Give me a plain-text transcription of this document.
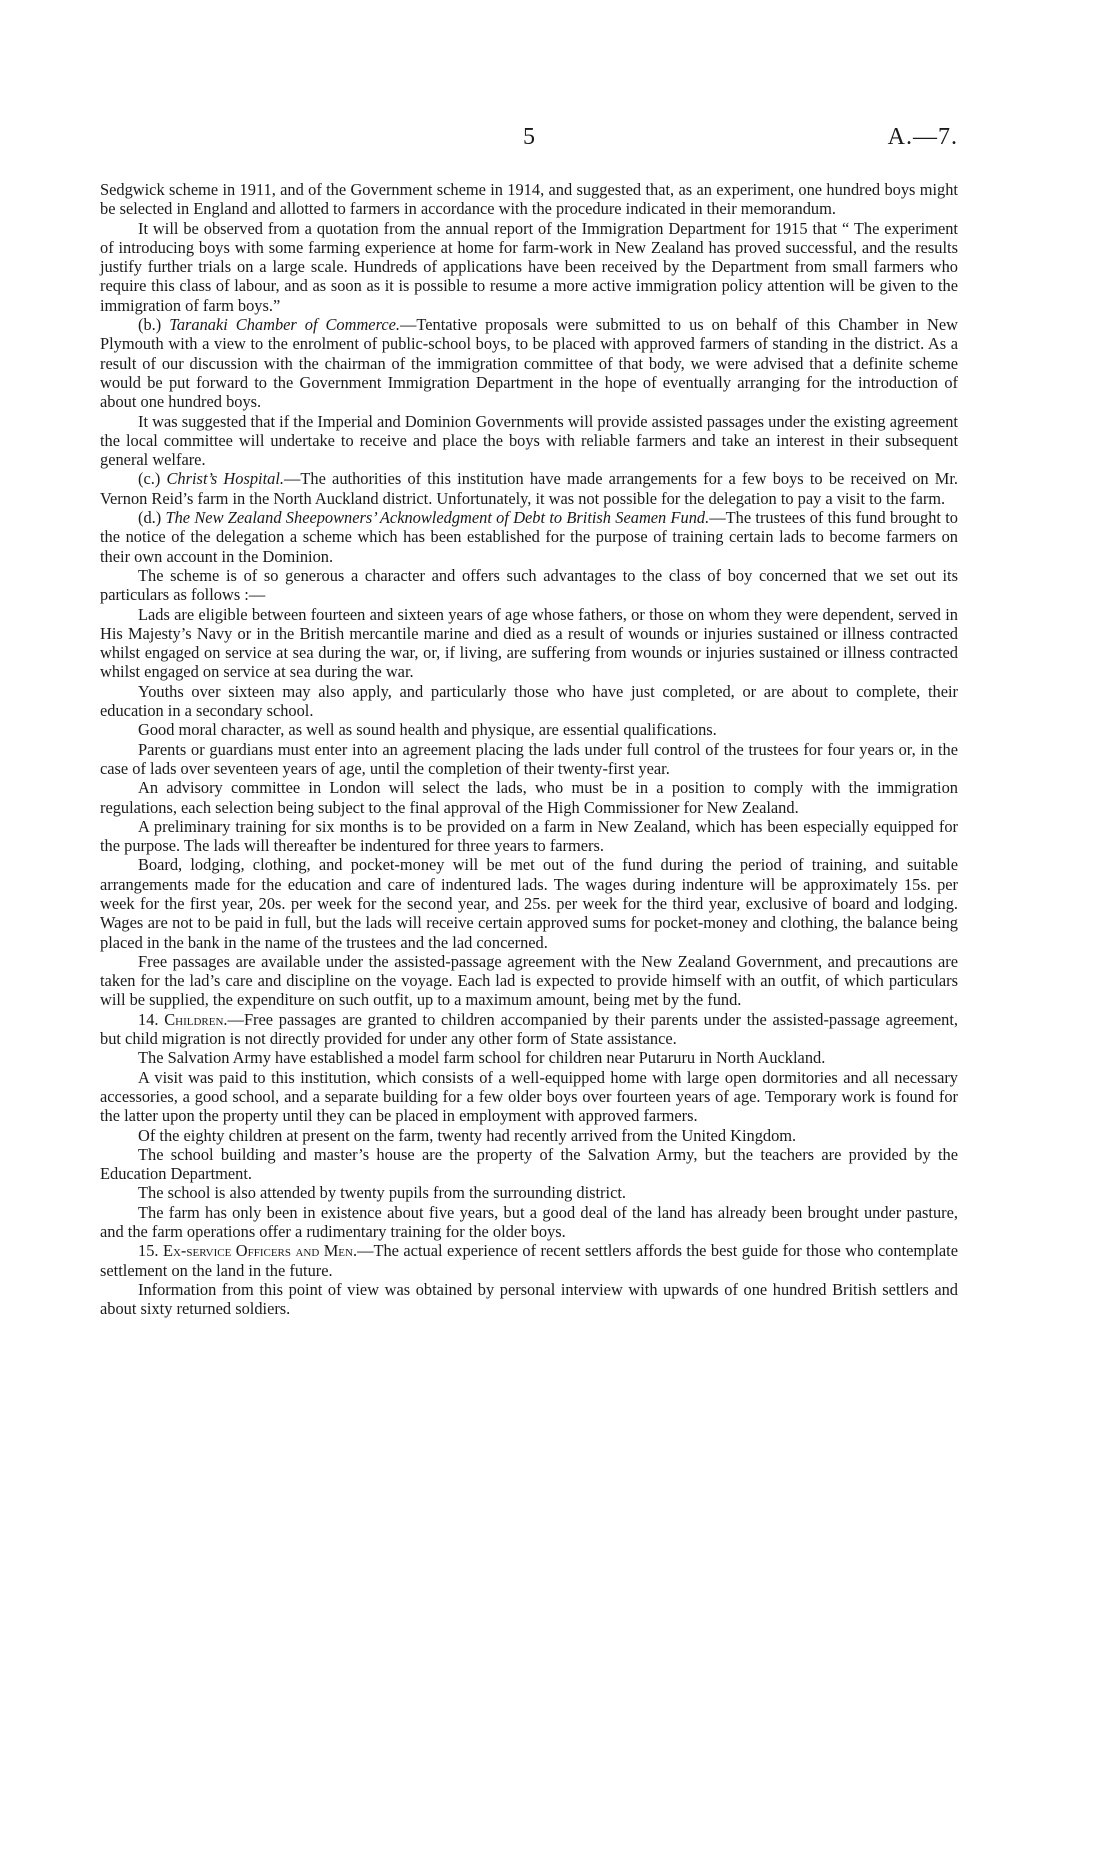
5	A.—7.

Sedgwick scheme in 1911, and of the Government scheme in 1914, and suggested that, as an experiment, one hundred boys might be selected in England and allotted to farmers in accordance with the procedure indicated in their memorandum.

It will be observed from a quotation from the annual report of the Immigration Department for 1915 that “ The experiment of introducing boys with some farming experience at home for farm-work in New Zealand has proved successful, and the results justify further trials on a large scale. Hundreds of applications have been received by the Department from small farmers who require this class of labour, and as soon as it is possible to resume a more active immigration policy attention will be given to the immigration of farm boys.”

(b.) Taranaki Chamber of Commerce.—Tentative proposals were submitted to us on behalf of this Chamber in New Plymouth with a view to the enrolment of public-school boys, to be placed with approved farmers of standing in the district. As a result of our discussion with the chairman of the immigration committee of that body, we were advised that a definite scheme would be put forward to the Government Immigration Department in the hope of eventually arranging for the introduction of about one hundred boys.

It was suggested that if the Imperial and Dominion Governments will provide assisted passages under the existing agreement the local committee will undertake to receive and place the boys with reliable farmers and take an interest in their subsequent general welfare.

(c.) Christ’s Hospital.—The authorities of this institution have made arrangements for a few boys to be received on Mr. Vernon Reid’s farm in the North Auckland district. Unfortunately, it was not possible for the delegation to pay a visit to the farm.

(d.) The New Zealand Sheepowners’ Acknowledgment of Debt to British Seamen Fund.—The trustees of this fund brought to the notice of the delegation a scheme which has been established for the purpose of training certain lads to become farmers on their own account in the Dominion.

The scheme is of so generous a character and offers such advantages to the class of boy concerned that we set out its particulars as follows :—

Lads are eligible between fourteen and sixteen years of age whose fathers, or those on whom they were dependent, served in His Majesty’s Navy or in the British mercantile marine and died as a result of wounds or injuries sustained or illness contracted whilst engaged on service at sea during the war, or, if living, are suffering from wounds or injuries sustained or illness contracted whilst engaged on service at sea during the war.

Youths over sixteen may also apply, and particularly those who have just completed, or are about to complete, their education in a secondary school.

Good moral character, as well as sound health and physique, are essential qualifications.

Parents or guardians must enter into an agreement placing the lads under full control of the trustees for four years or, in the case of lads over seventeen years of age, until the completion of their twenty-first year.

An advisory committee in London will select the lads, who must be in a position to comply with the immigration regulations, each selection being subject to the final approval of the High Commissioner for New Zealand.

A preliminary training for six months is to be provided on a farm in New Zealand, which has been especially equipped for the purpose. The lads will thereafter be indentured for three years to farmers.

Board, lodging, clothing, and pocket-money will be met out of the fund during the period of training, and suitable arrangements made for the education and care of indentured lads. The wages during indenture will be approximately 15s. per week for the first year, 20s. per week for the second year, and 25s. per week for the third year, exclusive of board and lodging. Wages are not to be paid in full, but the lads will receive certain approved sums for pocket-money and clothing, the balance being placed in the bank in the name of the trustees and the lad concerned.

Free passages are available under the assisted-passage agreement with the New Zealand Government, and precautions are taken for the lad’s care and discipline on the voyage. Each lad is expected to provide himself with an outfit, of which particulars will be supplied, the expenditure on such outfit, up to a maximum amount, being met by the fund.

14. Children.—Free passages are granted to children accompanied by their parents under the assisted-passage agreement, but child migration is not directly provided for under any other form of State assistance.

The Salvation Army have established a model farm school for children near Putaruru in North Auckland.

A visit was paid to this institution, which consists of a well-equipped home with large open dormitories and all necessary accessories, a good school, and a separate building for a few older boys over fourteen years of age. Temporary work is found for the latter upon the property until they can be placed in employment with approved farmers.

Of the eighty children at present on the farm, twenty had recently arrived from the United Kingdom.

The school building and master’s house are the property of the Salvation Army, but the teachers are provided by the Education Department.

The school is also attended by twenty pupils from the surrounding district.

The farm has only been in existence about five years, but a good deal of the land has already been brought under pasture, and the farm operations offer a rudimentary training for the older boys.

15. Ex-service Officers and Men.—The actual experience of recent settlers affords the best guide for those who contemplate settlement on the land in the future.

Information from this point of view was obtained by personal interview with upwards of one hundred British settlers and about sixty returned soldiers.
